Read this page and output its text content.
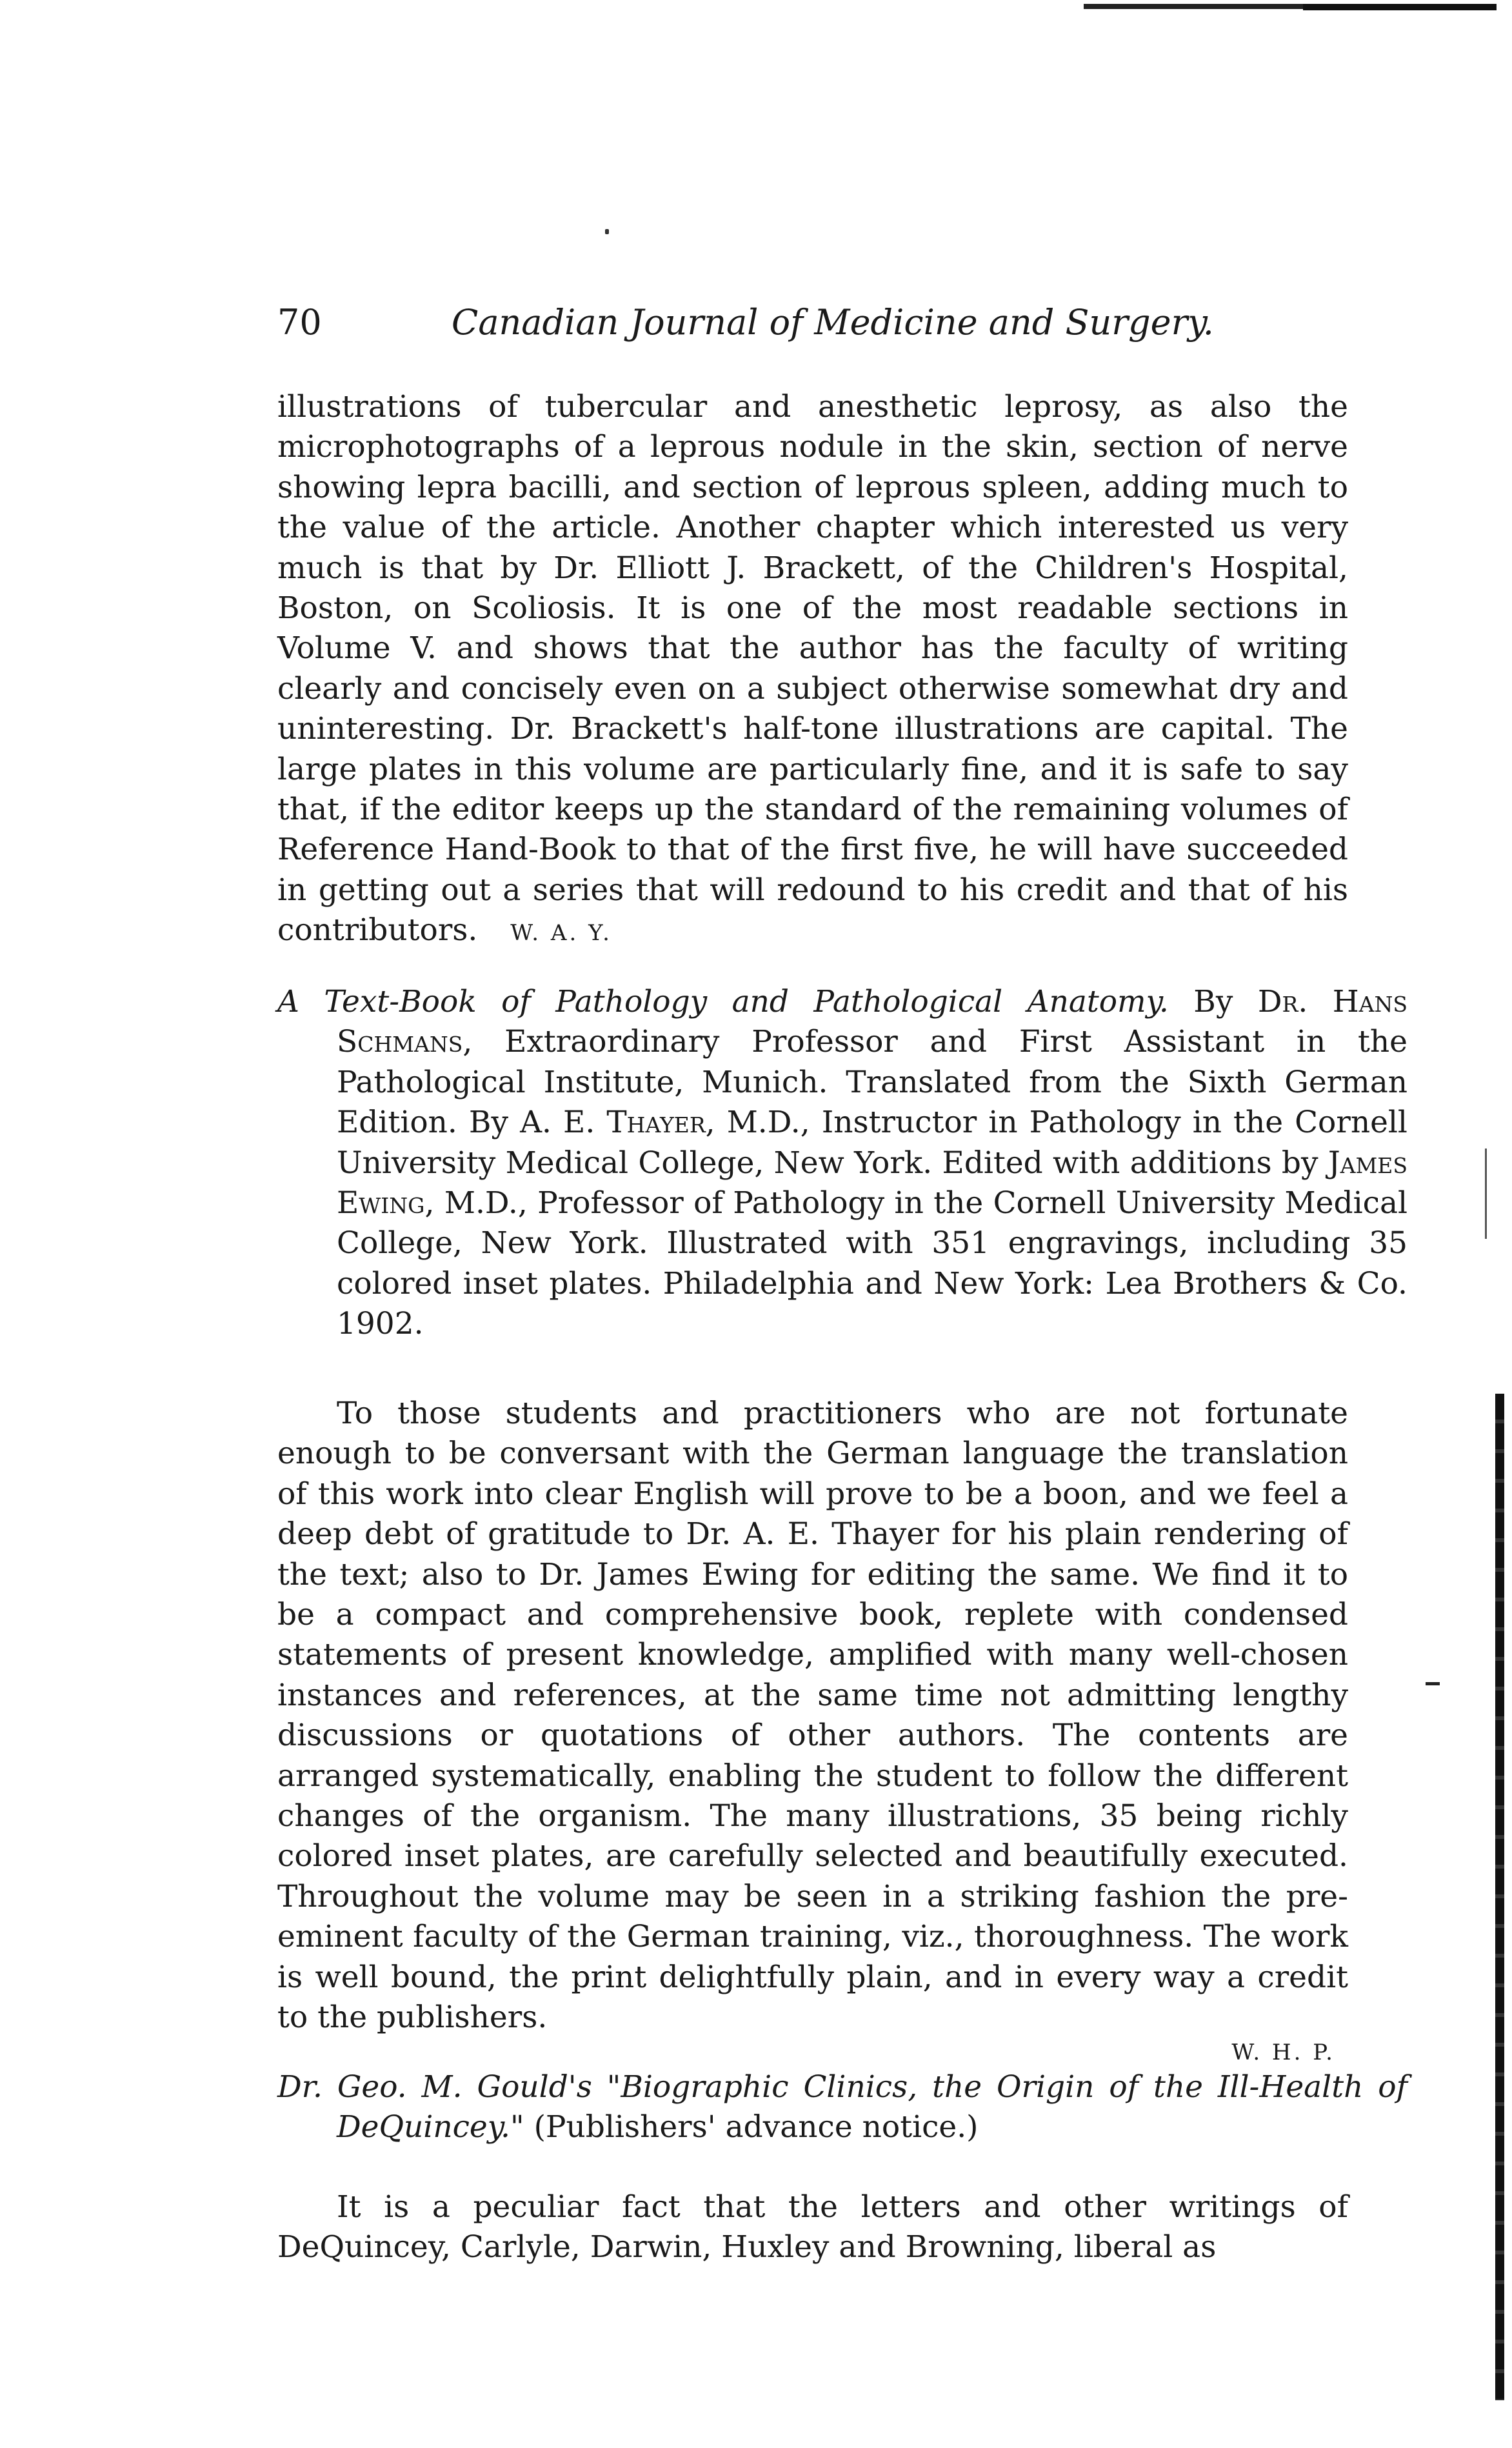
70	Canadian Journal of Medicine and Surgery.
illustrations of tubercular and anesthetic leprosy, as also the microphotographs of a leprous nodule in the skin, section of nerve showing lepra bacilli, and section of leprous spleen, adding much to the value of the article. Another chapter which interested us very much is that by Dr. Elliott J. Brackett, of the Children's Hospital, Boston, on Scoliosis. It is one of the most readable sections in Volume V. and shows that the author has the faculty of writing clearly and concisely even on a subject otherwise somewhat dry and uninteresting. Dr. Brackett's half-tone illustrations are capital. The large plates in this volume are particularly fine, and it is safe to say that, if the editor keeps up the standard of the remaining volumes of Reference Hand-Book to that of the first five, he will have succeeded in getting out a series that will redound to his credit and that of his contributors. W. A. Y.
A Text-Book of Pathology and Pathological Anatomy. By Dr. Hans Schmans, Extraordinary Professor and First Assistant in the Pathological Institute, Munich. Translated from the Sixth German Edition. By A. E. Thayer, M.D., Instructor in Pathology in the Cornell University Medical College, New York. Edited with additions by James Ewing, M.D., Professor of Pathology in the Cornell University Medical College, New York. Illustrated with 351 engravings, including 35 colored inset plates. Philadelphia and New York: Lea Brothers & Co. 1902.
To those students and practitioners who are not fortunate enough to be conversant with the German language the translation of this work into clear English will prove to be a boon, and we feel a deep debt of gratitude to Dr. A. E. Thayer for his plain rendering of the text; also to Dr. James Ewing for editing the same. We find it to be a compact and comprehensive book, replete with condensed statements of present knowledge, amplified with many well-chosen instances and references, at the same time not admitting lengthy discussions or quotations of other authors. The contents are arranged systematically, enabling the student to follow the different changes of the organism. The many illustrations, 35 being richly colored inset plates, are carefully selected and beautifully executed. Throughout the volume may be seen in a striking fashion the pre-eminent faculty of the German training, viz., thoroughness. The work is well bound, the print delightfully plain, and in every way a credit to the publishers.
W. H. P.
Dr. Geo. M. Gould's "Biographic Clinics, the Origin of the Ill-Health of DeQuincey." (Publishers' advance notice.)
It is a peculiar fact that the letters and other writings of DeQuincey, Carlyle, Darwin, Huxley and Browning, liberal as
